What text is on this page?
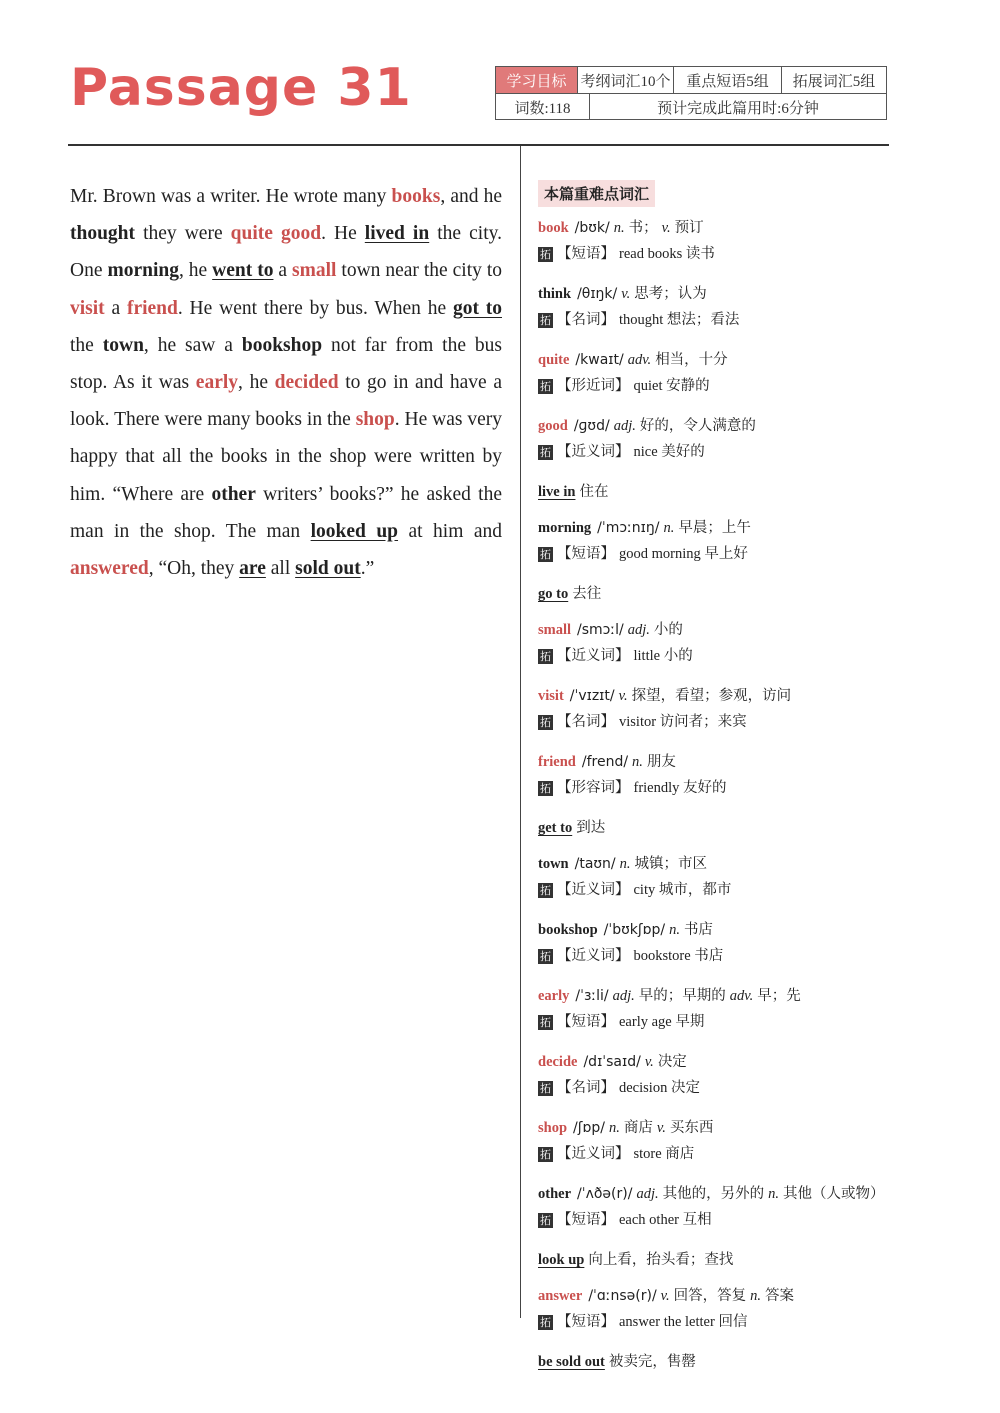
Passage 31	学习目标 考纲词汇10个	重点短语5组	拓展词汇5组
词数:118	预计完成此篇用时:6分钟

Mr. Brown was a writer. He wrote many books, and he thought they were quite good. He lived in the city. One morning, he went to a small town near the city to visit a friend. He went there by bus. When he got to the town, he saw a bookshop not far from the bus stop. As it was early, he decided to go in and have a look. There were many books in the shop. He was very happy that all the books in the shop were written by him. “Where are other writers’ books?” he asked the man in the shop. The man looked up at him and answered, “Oh, they are all sold out.”

本篇重难点词汇
book /bʊk/ n. 书； v. 预订
拓 【短语】 read books 读书
think /θɪŋk/ v. 思考；认为
拓 【名词】 thought 想法；看法
quite /kwaɪt/ adv. 相当，十分
拓 【形近词】 quiet 安静的
good /ɡʊd/ adj. 好的，令人满意的
拓 【近义词】 nice 美好的
live in 住在
morning /ˈmɔːnɪŋ/ n. 早晨；上午
拓 【短语】 good morning 早上好
go to 去往
small /smɔːl/ adj. 小的
拓 【近义词】 little 小的
visit /ˈvɪzɪt/ v. 探望，看望；参观，访问
拓 【名词】 visitor 访问者；来宾
friend /frend/ n. 朋友
拓 【形容词】 friendly 友好的
get to 到达
town /taʊn/ n. 城镇；市区
拓 【近义词】 city 城市，都市
bookshop /ˈbʊkʃɒp/ n. 书店
拓 【近义词】 bookstore 书店
early /ˈɜːli/ adj. 早的；早期的 adv. 早；先
拓 【短语】 early age 早期
decide /dɪˈsaɪd/ v. 决定
拓 【名词】 decision 决定
shop /ʃɒp/ n. 商店 v. 买东西
拓 【近义词】 store 商店
other /ˈʌðə(r)/ adj. 其他的，另外的 n. 其他（人或物）
拓 【短语】 each other 互相
look up 向上看，抬头看；查找
answer /ˈɑːnsə(r)/ v. 回答，答复 n. 答案
拓 【短语】 answer the letter 回信
be sold out 被卖完，售罄
